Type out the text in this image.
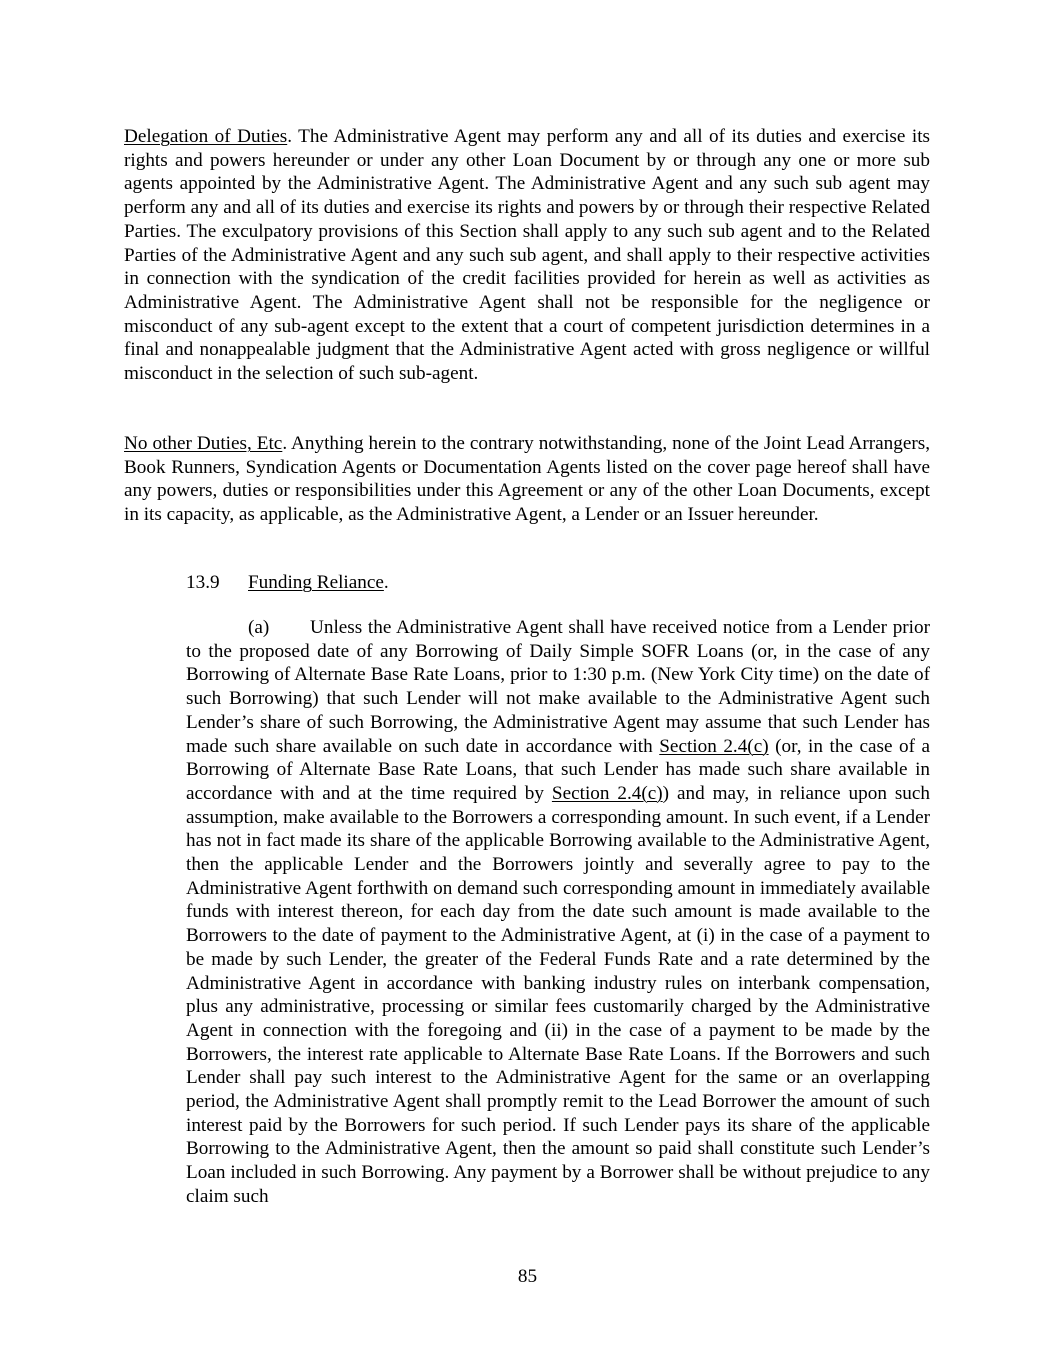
Delegation of Duties. The Administrative Agent may perform any and all of its duties and exercise its rights and powers hereunder or under any other Loan Document by or through any one or more sub agents appointed by the Administrative Agent. The Administrative Agent and any such sub agent may perform any and all of its duties and exercise its rights and powers by or through their respective Related Parties. The exculpatory provisions of this Section shall apply to any such sub agent and to the Related Parties of the Administrative Agent and any such sub agent, and shall apply to their respective activities in connection with the syndication of the credit facilities provided for herein as well as activities as Administrative Agent. The Administrative Agent shall not be responsible for the negligence or misconduct of any sub-agent except to the extent that a court of competent jurisdiction determines in a final and nonappealable judgment that the Administrative Agent acted with gross negligence or willful misconduct in the selection of such sub-agent.

No other Duties, Etc. Anything herein to the contrary notwithstanding, none of the Joint Lead Arrangers, Book Runners, Syndication Agents or Documentation Agents listed on the cover page hereof shall have any powers, duties or responsibilities under this Agreement or any of the other Loan Documents, except in its capacity, as applicable, as the Administrative Agent, a Lender or an Issuer hereunder.

13.9 Funding Reliance.

(a) Unless the Administrative Agent shall have received notice from a Lender prior to the proposed date of any Borrowing of Daily Simple SOFR Loans (or, in the case of any Borrowing of Alternate Base Rate Loans, prior to 1:30 p.m. (New York City time) on the date of such Borrowing) that such Lender will not make available to the Administrative Agent such Lender’s share of such Borrowing, the Administrative Agent may assume that such Lender has made such share available on such date in accordance with Section 2.4(c) (or, in the case of a Borrowing of Alternate Base Rate Loans, that such Lender has made such share available in accordance with and at the time required by Section 2.4(c)) and may, in reliance upon such assumption, make available to the Borrowers a corresponding amount. In such event, if a Lender has not in fact made its share of the applicable Borrowing available to the Administrative Agent, then the applicable Lender and the Borrowers jointly and severally agree to pay to the Administrative Agent forthwith on demand such corresponding amount in immediately available funds with interest thereon, for each day from the date such amount is made available to the Borrowers to the date of payment to the Administrative Agent, at (i) in the case of a payment to be made by such Lender, the greater of the Federal Funds Rate and a rate determined by the Administrative Agent in accordance with banking industry rules on interbank compensation, plus any administrative, processing or similar fees customarily charged by the Administrative Agent in connection with the foregoing and (ii) in the case of a payment to be made by the Borrowers, the interest rate applicable to Alternate Base Rate Loans. If the Borrowers and such Lender shall pay such interest to the Administrative Agent for the same or an overlapping period, the Administrative Agent shall promptly remit to the Lead Borrower the amount of such interest paid by the Borrowers for such period. If such Lender pays its share of the applicable Borrowing to the Administrative Agent, then the amount so paid shall constitute such Lender’s Loan included in such Borrowing. Any payment by a Borrower shall be without prejudice to any claim such

85
